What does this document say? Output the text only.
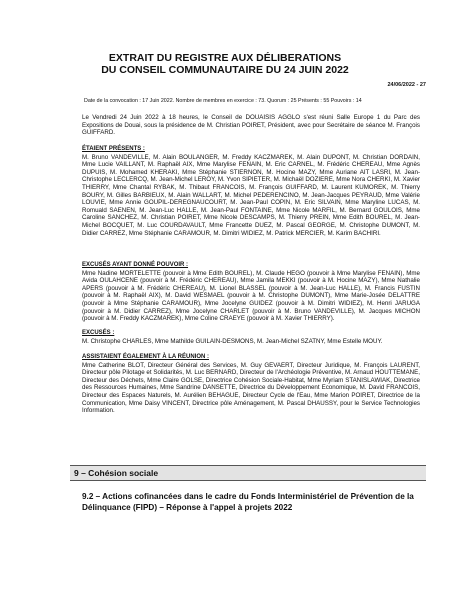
EXTRAIT DU REGISTRE AUX DÉLIBERATIONS
DU CONSEIL COMMUNAUTAIRE DU 24 JUIN 2022
24/06/2022 - 27
Date de la convocation : 17 Juin 2022. Nombre de membres en exercice : 73. Quorum : 25 Présents : 55 Pouvoirs : 14
Le Vendredi 24 Juin 2022 à 18 heures, le Conseil de DOUAISIS AGGLO s'est réuni Salle Europe 1 du Parc des Expositions de Douai, sous la présidence de M. Christian POIRET, Président, avec pour Secrétaire de séance M. François GUIFFARD.
ÉTAIENT PRÉSENTS :
M. Bruno VANDEVILLE, M. Alain BOULANGER, M. Freddy KACZMAREK, M. Alain DUPONT, M. Christian DORDAIN, Mme Lucie VAILLANT, M. Raphaël AIX, Mme Marylise FENAIN, M. Eric CARNEL, M. Frédéric CHEREAU, Mme Agnès DUPUIS, M. Mohamed KHERAKI, Mme Stéphanie STIERNON, M. Hocine MAZY, Mme Auriane AIT LASRI, M. Jean-Christophe LECLERCQ, M. Jean-Michel LEROY, M. Yvon SIPIETER, M. Michaël DOZIERE, Mme Nora CHERKI, M. Xavier THIERRY, Mme Chantal RYBAK, M. Thibaut FRANCOIS, M. François GUIFFARD, M. Laurent KUMOREK, M. Thierry BOURY, M. Gilles BARBIEUX, M. Alain WALLART, M. Michel PEDERENCINO, M. Jean-Jacques PEYRAUD, Mme Valérie LOUVIE, Mme Annie GOUPIL-DEREGNAUCOURT, M. Jean-Paul COPIN, M. Eric SILVAIN, Mme Maryline LUCAS, M. Romuald SAENEN, M. Jean-Luc HALLE, M. Jean-Paul FONTAINE, Mme Nicole MARFIL, M. Bernard GOULOIS, Mme Caroline SANCHEZ, M. Christian POIRET, Mme Nicole DESCAMPS, M. Thierry PREIN, Mme Edith BOUREL, M. Jean-Michel BOCQUET, M. Luc COURDAVAULT, Mme Francette DUEZ, M. Pascal GEORGE, M. Christophe DUMONT, M. Didier CARREZ, Mme Stéphanie CARAMOUR, M. Dimitri WIDIEZ, M. Patrick MERCIER, M. Karim BACHIRI.
EXCUSÉS AYANT DONNÉ POUVOIR :
Mme Nadine MORTELETTE (pouvoir à Mme Edith BOUREL), M. Claude HEGO (pouvoir à Mme Marylise FENAIN), Mme Avida OULAHCENE (pouvoir à M. Frédéric CHEREAU), Mme Jamila MEKKI (pouvoir à M. Hocine MAZY), Mme Nathalie APERS (pouvoir à M. Frédéric CHEREAU), M. Lionel BLASSEL (pouvoir à M. Jean-Luc HALLE), M. Francis FUSTIN (pouvoir à M. Raphaël AIX), M. David WESMAEL (pouvoir à M. Christophe DUMONT), Mme Marie-Josée DELATTRE (pouvoir à Mme Stéphanie CARAMOUR), Mme Jocelyne GUIDEZ (pouvoir à M. Dimitri WIDIEZ), M. Henri JARUGA (pouvoir à M. Didier CARREZ), Mme Jocelyne CHARLET (pouvoir à M. Bruno VANDEVILLE), M. Jacques MICHON (pouvoir à M. Freddy KACZMAREK), Mme Coline CRAEYE (pouvoir à M. Xavier THIERRY).
EXCUSÉS :
M. Christophe CHARLES, Mme Mathilde GUILAIN-DESMONS, M. Jean-Michel SZATNY, Mme Estelle MOUY.
ASSISTAIENT ÉGALEMENT À LA RÉUNION :
Mme Catherine BLOT, Directeur Général des Services, M. Guy GEVAERT, Directeur Juridique, M. François LAURENT, Directeur pôle Pilotage et Solidarités, M. Luc BERNARD, Directeur de l'Archéologie Préventive, M. Arnaud HOUTTEMANE, Directeur des Déchets, Mme Claire GOLSE, Directrice Cohésion Sociale-Habitat, Mme Myriam STANISLAWIAK, Directrice des Ressources Humaines, Mme Sandrine DANSETTE, Directrice du Développement Economique, M. David FRANCOIS, Directeur des Espaces Naturels, M. Aurélien BEHAGUE, Directeur Cycle de l'Eau, Mme Marion POIRET, Directrice de la Communication, Mme Daisy VINCENT, Directrice pôle Aménagement, M. Pascal DHAUSSY, pour le Service Technologies Information.
9 – Cohésion sociale
9.2 – Actions cofinancées dans le cadre du Fonds Interministériel de Prévention de la Délinquance (FIPD) – Réponse à l'appel à projets 2022
